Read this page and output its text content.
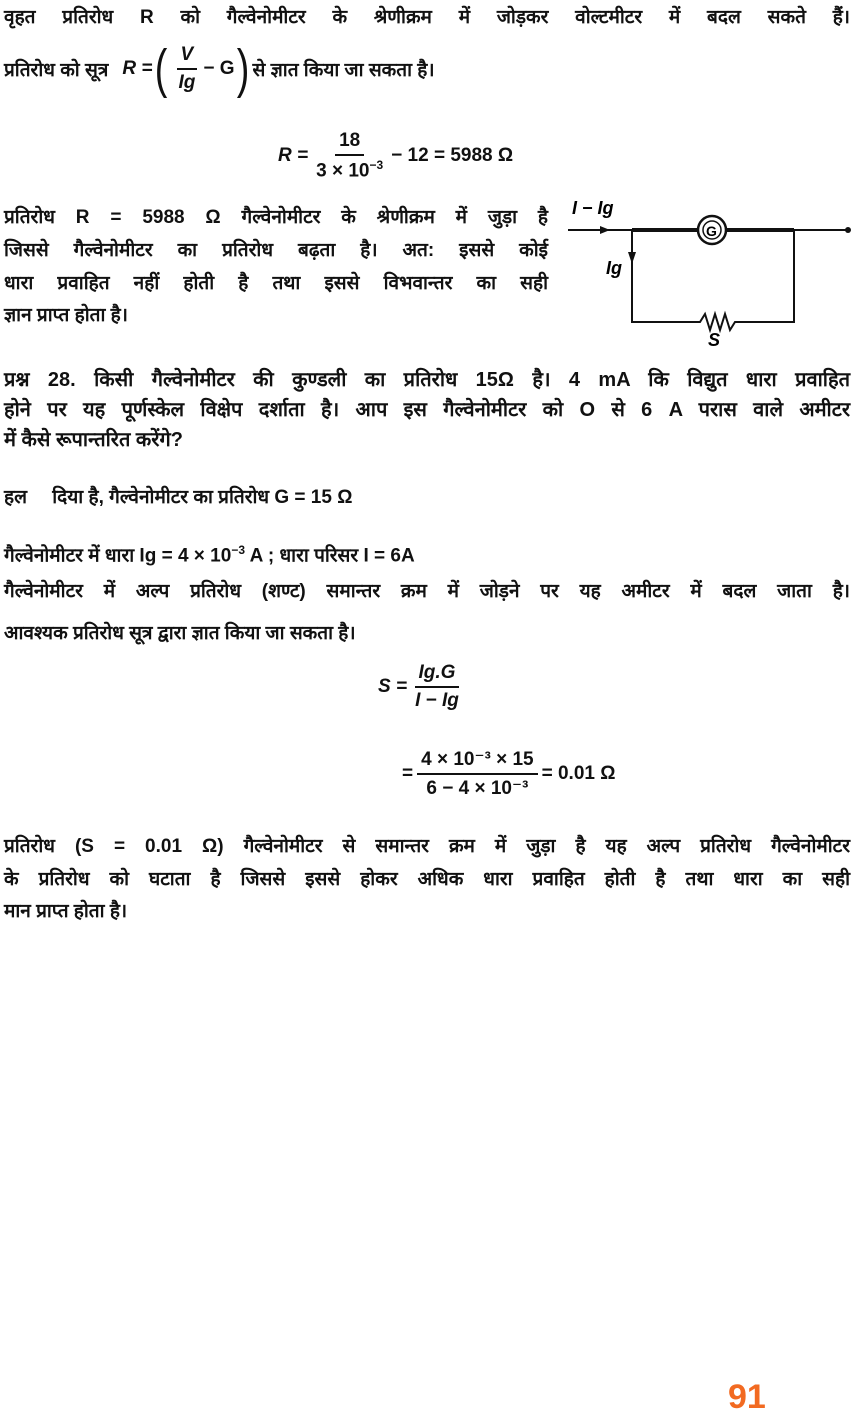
वृहत प्रतिरोध R को गैल्वेनोमीटर के श्रेणीक्रम में जोड़कर वोल्टमीटर में बदल सकते हैं।
प्रतिरोध को सूत्र R = ( $\frac{V}{Ig} - G$ ) से ज्ञात किया जा सकता है।
$R = \frac{18}{3 \times 10^{-3}} - 12 = 5988$ Ω
प्रतिरोध R = 5988 Ω गैल्वेनोमीटर के श्रेणीक्रम में जुड़ा है
जिससे गैल्वेनोमीटर का प्रतिरोध बढ़ता है। अत: इससे कोई
धारा प्रवाहित नहीं होती है तथा इससे विभवान्तर का सही
ज्ञान प्राप्त होता है।
I − Ig
G
Ig
S
प्रश्न 28. किसी गैल्वेनोमीटर की कुण्डली का प्रतिरोध 15Ω है। 4 mA कि विद्युत धारा प्रवाहित
होने पर यह पूर्णस्केल विक्षेप दर्शाता है। आप इस गैल्वेनोमीटर को O से 6 A परास वाले अमीटर
में कैसे रूपान्तरित करेंगे?
हल दिया है, गैल्वेनोमीटर का प्रतिरोध G = 15 Ω
गैल्वेनोमीटर में धारा $Ig = 4 \times 10^{-3}$ A ; धारा परिसर I = 6A
गैल्वेनोमीटर में अल्प प्रतिरोध (शण्ट) समान्तर क्रम में जोड़ने पर यह अमीटर में बदल जाता है।
आवश्यक प्रतिरोध सूत्र द्वारा ज्ञात किया जा सकता है।
$S = \frac{Ig.G}{I - Ig}$
= $\frac{\text{4 × 10⁻³ × 15}}{\text{6 − 4 × 10⁻³}} = 0.01$ Ω
प्रतिरोध (S = 0.01 Ω) गैल्वेनोमीटर से समान्तर क्रम में जुड़ा है यह अल्प प्रतिरोध गैल्वेनोमीटर
के प्रतिरोध को घटाता है जिससे इससे होकर अधिक धारा प्रवाहित होती है तथा धारा का सही
मान प्राप्त होता है।
91
